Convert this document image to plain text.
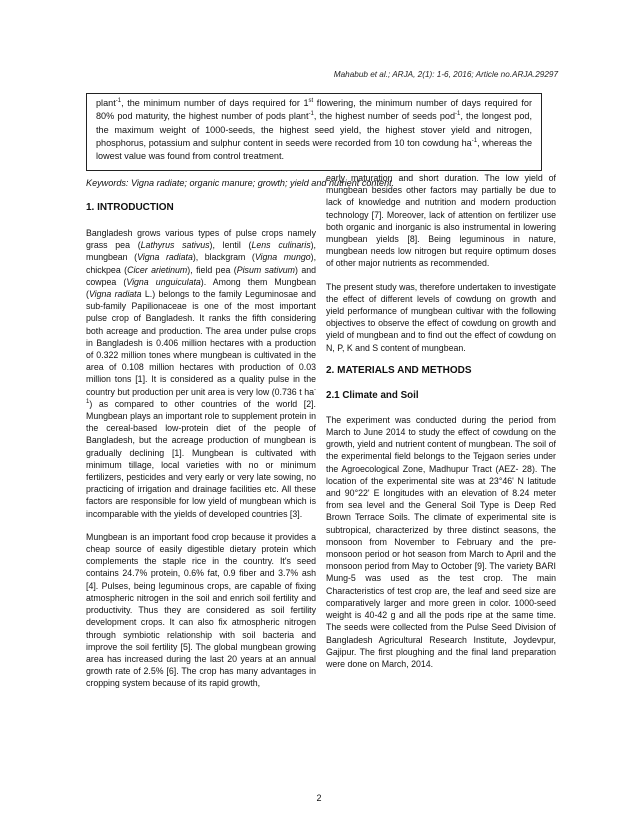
Mahabub et al.; ARJA, 2(1): 1-6, 2016; Article no.ARJA.29297

plant$^{-1}$, the minimum number of days required for 1st flowering, the minimum number of days required for 80% pod maturity, the highest number of pods plant$^{-1}$, the highest number of seeds pod$^{-1}$, the longest pod, the maximum weight of 1000-seeds, the highest seed yield, the highest stover yield and nitrogen, phosphorus, potassium and sulphur content in seeds were recorded from 10 ton cowdung $ha^{-1}$, whereas the lowest value was found from control treatment.

Keywords: Vigna radiate; organic manure; growth; yield and nutrient content.
1. INTRODUCTION

Bangladesh grows various types of pulse crops namely grass pea (Lathyrus sativus), lentil (Lens culinaris), mungbean (Vigna radiata), blackgram (Vigna mungo), chickpea (Cicer arietinum), field pea (Pisum sativum) and cowpea (Vigna unguiculata). Among them Mungbean (Vigna radiata L.) belongs to the family Leguminosae and sub-family Papilionaceae is one of the most important pulse crop of Bangladesh. It ranks the fifth considering both acreage and production. The area under pulse crops in Bangladesh is 0.406 million hectares with a production of 0.322 million tones where mungbean is cultivated in the area of 0.108 million hectares with production of 0.03 million tons [1]. It is considered as a quality pulse in the country but production per unit area is very low (0.736 t $ha^{-1}$) as compared to other countries of the world [2]. Mungbean plays an important role to supplement protein in the cereal-based low-protein diet of the people of Bangladesh, but the acreage production of mungbean is gradually declining [1]. Mungbean is cultivated with minimum tillage, local varieties with no or minimum fertilizers, pesticides and very early or very late sowing, no practicing of irrigation and drainage facilities etc. All these factors are responsible for low yield of mungbean which is incomparable with the yields of developed countries [3].

Mungbean is an important food crop because it provides a cheap source of easily digestible dietary protein which complements the staple rice in the country. It's seed contains 24.7% protein, 0.6% fat, 0.9 fiber and 3.7% ash [4]. Pulses, being leguminous crops, are capable of fixing atmospheric nitrogen in the soil and enrich soil fertility and productivity. Thus they are considered as soil fertility development crops. It can also fix atmospheric nitrogen through symbiotic relationship with soil bacteria and improve the soil fertility [5]. The global mungbean growing area has increased during the last 20 years at an annual growth rate of 2.5% [6]. The crop has many advantages in cropping system because of its rapid growth,

early maturation and short duration. The low yield of mungbean besides other factors may partially be due to lack of knowledge and nutrition and modern production technology [7]. Moreover, lack of attention on fertilizer use both organic and inorganic is also instrumental in lowering mungbean yields [8]. Being leguminous in nature, mungbean needs low nitrogen but require optimum doses of other major nutrients as recommended.

The present study was, therefore undertaken to investigate the effect of different levels of cowdung on growth and yield performance of mungbean cultivar with the following objectives to observe the effect of cowdung on growth and yield of mungbean and to find out the effect of cowdung on N, P, K and S content of mungbean.

2. MATERIALS AND METHODS
2.1 Climate and Soil

The experiment was conducted during the period from March to June 2014 to study the effect of cowdung on the growth, yield and nutrient content of mungbean. The soil of the experimental field belongs to the Tejgaon series under the Agroecological Zone, Madhupur Tract (AEZ- 28). The location of the experimental site was at 23°46' N latitude and 90°22' E longitudes with an elevation of 8.24 meter from sea level and the General Soil Type is Deep Red Brown Terrace Soils. The climate of experimental site is subtropical, characterized by three distinct seasons, the monsoon from November to February and the pre-monsoon period or hot season from March to April and the monsoon period from May to October [9]. The variety BARI Mung-5 was used as the test crop. The main Characteristics of test crop are, the leaf and seed size are comparatively larger and more green in color. 1000-seed weight is 40-42 g and all the pods ripe at the same time. The seeds were collected from the Pulse Seed Division of Bangladesh Agricultural Research Institute, Joydevpur, Gajipur. The first ploughing and the final land preparation were done on March, 2014.

2
